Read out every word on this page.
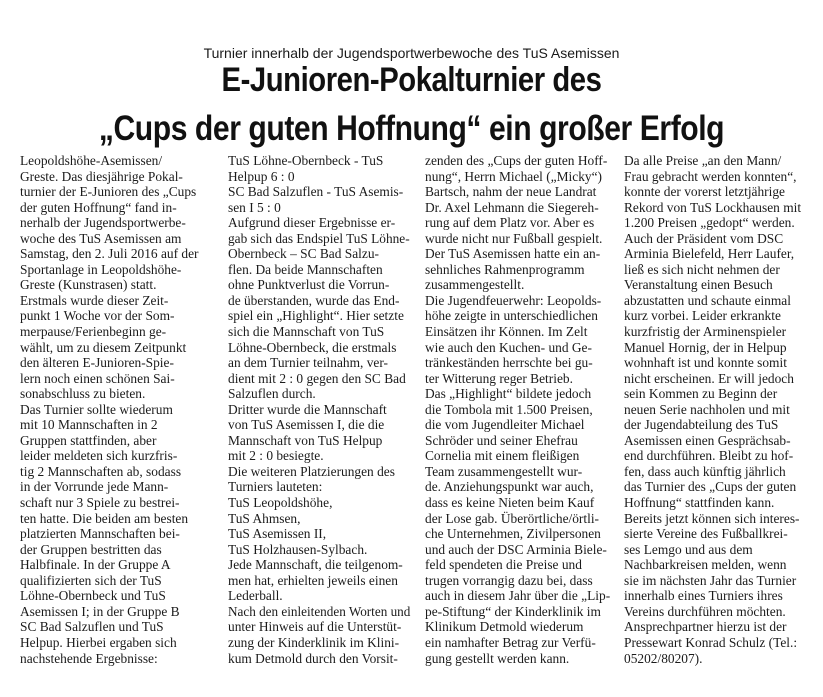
Turnier innerhalb der Jugendsportwerbewoche des TuS Asemissen
E-Junioren-Pokalturnier des
„Cups der guten Hoffnung“ ein großer Erfolg
Leopoldshöhe-Asemissen/
Greste. Das diesjährige Pokal-
turnier der E-Junioren des „Cups
der guten Hoffnung“ fand in-
nerhalb der Jugendsportwerbe-
woche des TuS Asemissen am
Samstag, den 2. Juli 2016 auf der
Sportanlage in Leopoldshöhe-
Greste (Kunstrasen) statt.
Erstmals wurde dieser Zeit-
punkt 1 Woche vor der Som-
merpause/Ferienbeginn ge-
wählt, um zu diesem Zeitpunkt
den älteren E-Junioren-Spie-
lern noch einen schönen Sai-
sonabschluss zu bieten.
Das Turnier sollte wiederum
mit 10 Mannschaften in 2
Gruppen stattfinden, aber
leider meldeten sich kurzfris-
tig 2 Mannschaften ab, sodass
in der Vorrunde jede Mann-
schaft nur 3 Spiele zu bestrei-
ten hatte. Die beiden am besten
platzierten Mannschaften bei-
der Gruppen bestritten das
Halbfinale. In der Gruppe A
qualifizierten sich der TuS
Löhne-Obernbeck und TuS
Asemissen I; in der Gruppe B
SC Bad Salzuflen und TuS
Helpup. Hierbei ergaben sich
nachstehende Ergebnisse:
TuS Löhne-Obernbeck - TuS
Helpup 6 : 0
SC Bad Salzuflen - TuS Asemis-
sen I 5 : 0
Aufgrund dieser Ergebnisse er-
gab sich das Endspiel TuS Löhne-
Obernbeck – SC Bad Salzu-
flen. Da beide Mannschaften
ohne Punktverlust die Vorrun-
de überstanden, wurde das End-
spiel ein „Highlight“. Hier setzte
sich die Mannschaft von TuS
Löhne-Obernbeck, die erstmals
an dem Turnier teilnahm, ver-
dient mit 2 : 0 gegen den SC Bad
Salzuflen durch.
Dritter wurde die Mannschaft
von TuS Asemissen I, die die
Mannschaft von TuS Helpup
mit 2 : 0 besiegte.
Die weiteren Platzierungen des
Turniers lauteten:
TuS Leopoldshöhe,
TuS Ahmsen,
TuS Asemissen II,
TuS Holzhausen-Sylbach.
Jede Mannschaft, die teilgenom-
men hat, erhielten jeweils einen
Lederball.
Nach den einleitenden Worten und
unter Hinweis auf die Unterstüt-
zung der Kinderklinik im Klini-
kum Detmold durch den Vorsit-
zenden des „Cups der guten Hoff-
nung“, Herrn Michael („Micky“)
Bartsch, nahm der neue Landrat
Dr. Axel Lehmann die Siegereh-
rung auf dem Platz vor. Aber es
wurde nicht nur Fußball gespielt.
Der TuS Asemissen hatte ein an-
sehnliches Rahmenprogramm
zusammengestellt.
Die Jugendfeuerwehr: Leopolds-
höhe zeigte in unterschiedlichen
Einsätzen ihr Können. Im Zelt
wie auch den Kuchen- und Ge-
tränkeständen herrschte bei gu-
ter Witterung reger Betrieb.
Das „Highlight“ bildete jedoch
die Tombola mit 1.500 Preisen,
die vom Jugendleiter Michael
Schröder und seiner Ehefrau
Cornelia mit einem fleißigen
Team zusammengestellt wur-
de. Anziehungspunkt war auch,
dass es keine Nieten beim Kauf
der Lose gab. Überörtliche/örtli-
che Unternehmen, Zivilpersonen
und auch der DSC Arminia Biele-
feld spendeten die Preise und
trugen vorrangig dazu bei, dass
auch in diesem Jahr über die „Lip-
pe-Stiftung“ der Kinderklinik im
Klinikum Detmold wiederum
ein namhafter Betrag zur Verfü-
gung gestellt werden kann.
Da alle Preise „an den Mann/
Frau gebracht werden konnten“,
konnte der vorerst letztjährige
Rekord von TuS Lockhausen mit
1.200 Preisen „gedopt“ werden.
Auch der Präsident vom DSC
Arminia Bielefeld, Herr Laufer,
ließ es sich nicht nehmen der
Veranstaltung einen Besuch
abzustatten und schaute einmal
kurz vorbei. Leider erkrankte
kurzfristig der Arminenspieler
Manuel Hornig, der in Helpup
wohnhaft ist und konnte somit
nicht erscheinen. Er will jedoch
sein Kommen zu Beginn der
neuen Serie nachholen und mit
der Jugendabteilung des TuS
Asemissen einen Gesprächsab-
end durchführen. Bleibt zu hof-
fen, dass auch künftig jährlich
das Turnier des „Cups der guten
Hoffnung“ stattfinden kann.
Bereits jetzt können sich interes-
sierte Vereine des Fußballkrei-
ses Lemgo und aus dem
Nachbarkreisen melden, wenn
sie im nächsten Jahr das Turnier
innerhalb eines Turniers ihres
Vereins durchführen möchten.
Ansprechpartner hierzu ist der
Pressewart Konrad Schulz (Tel.:
05202/80207).
